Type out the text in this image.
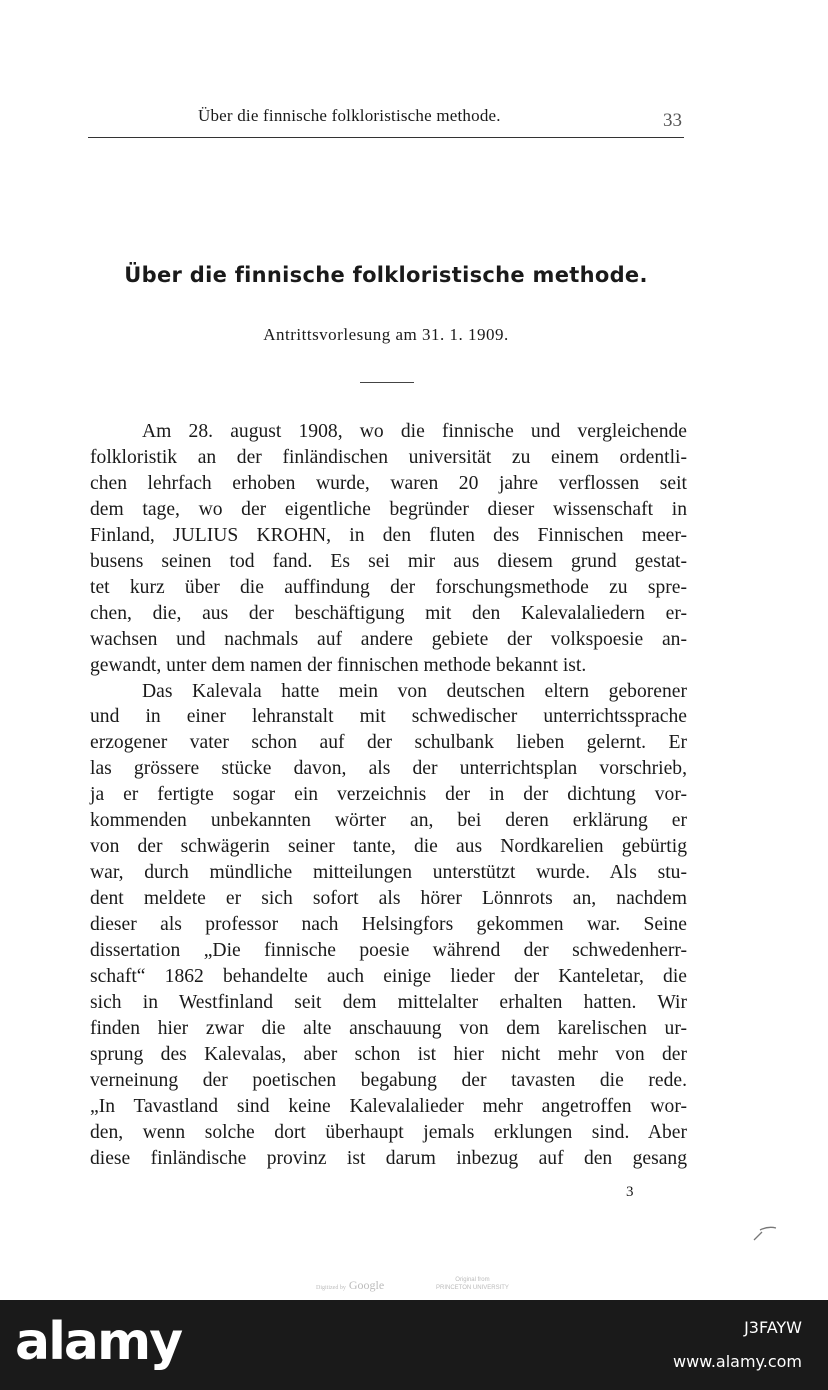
Über die finnische folkloristische methode.	33
Über die finnische folkloristische methode.
Antrittsvorlesung am 31. 1. 1909.
Am 28. august 1908, wo die finnische und vergleichende
folkloristik an der finländischen universität zu einem ordentli-
chen lehrfach erhoben wurde, waren 20 jahre verflossen seit
dem tage, wo der eigentliche begründer dieser wissenschaft in
Finland, JULIUS KROHN, in den fluten des Finnischen meer-
busens seinen tod fand. Es sei mir aus diesem grund gestat-
tet kurz über die auffindung der forschungsmethode zu spre-
chen, die, aus der beschäftigung mit den Kalevalaliedern er-
wachsen und nachmals auf andere gebiete der volkspoesie an-
gewandt, unter dem namen der finnischen methode bekannt ist.
Das Kalevala hatte mein von deutschen eltern geborener
und in einer lehranstalt mit schwedischer unterrichtssprache
erzogener vater schon auf der schulbank lieben gelernt. Er
las grössere stücke davon, als der unterrichtsplan vorschrieb,
ja er fertigte sogar ein verzeichnis der in der dichtung vor-
kommenden unbekannten wörter an, bei deren erklärung er
von der schwägerin seiner tante, die aus Nordkarelien gebürtig
war, durch mündliche mitteilungen unterstützt wurde. Als stu-
dent meldete er sich sofort als hörer Lönnrots an, nachdem
dieser als professor nach Helsingfors gekommen war. Seine
dissertation „Die finnische poesie während der schwedenherr-
schaft“ 1862 behandelte auch einige lieder der Kanteletar, die
sich in Westfinland seit dem mittelalter erhalten hatten. Wir
finden hier zwar die alte anschauung von dem karelischen ur-
sprung des Kalevalas, aber schon ist hier nicht mehr von der
verneinung der poetischen begabung der tavasten die rede.
„In Tavastland sind keine Kalevalalieder mehr angetroffen wor-
den, wenn solche dort überhaupt jemals erklungen sind. Aber
diese finländische provinz ist darum inbezug auf den gesang
3
Digitized by Google	Original from
PRINCETON UNIVERSITY
alamy	J3FAYW
www.alamy.com
